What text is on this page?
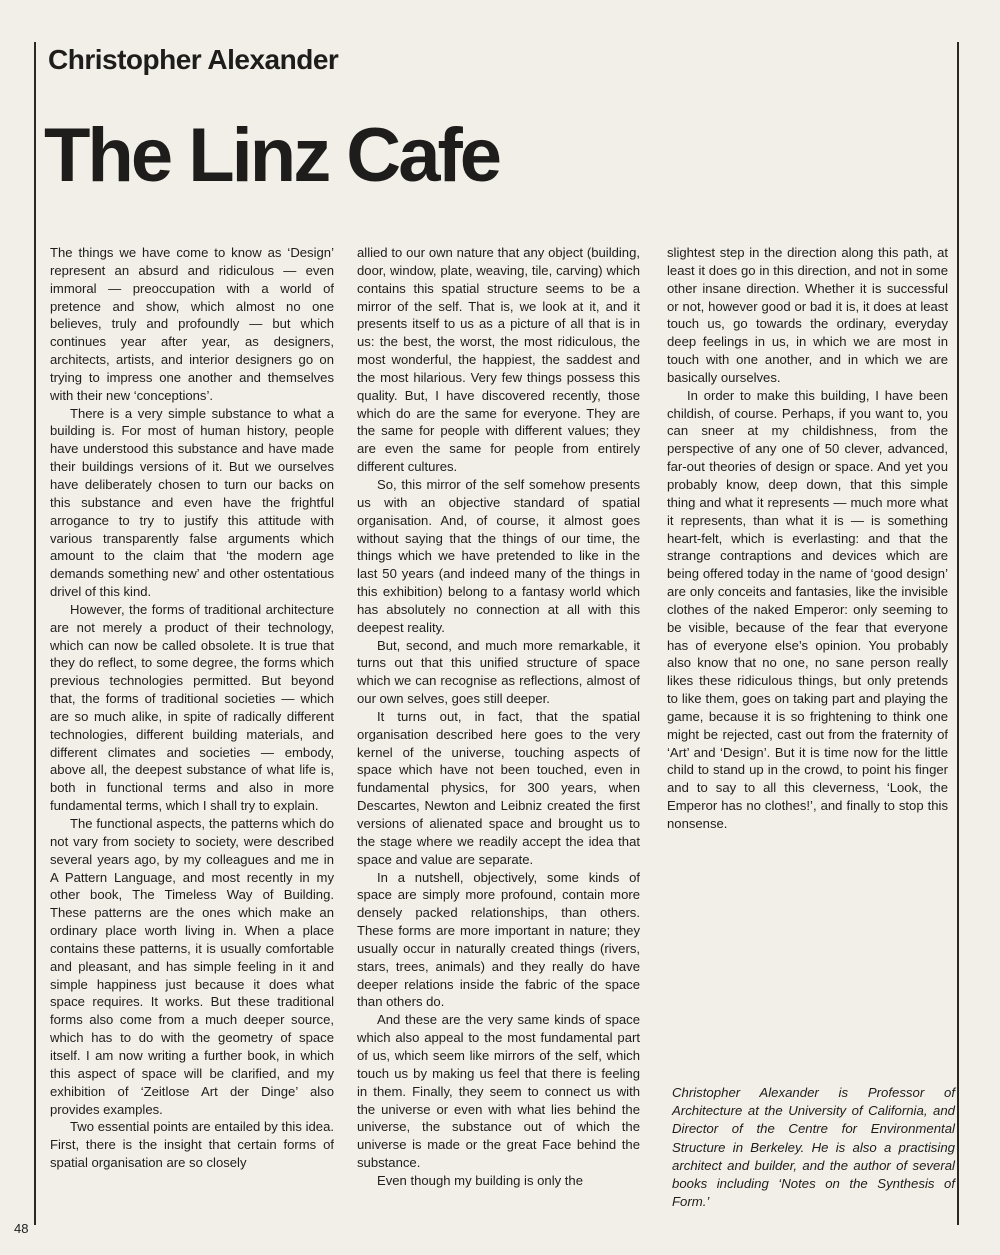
Christopher Alexander
The Linz Cafe

The things we have come to know as ‘Design’ represent an absurd and ridiculous — even immoral — preoccupation with a world of pretence and show, which almost no one believes, truly and profoundly — but which continues year after year, as designers, architects, artists, and interior designers go on trying to impress one another and themselves with their new ‘conceptions’.

There is a very simple substance to what a building is. For most of human history, people have understood this substance and have made their buildings versions of it. But we ourselves have deliberately chosen to turn our backs on this substance and even have the frightful arrogance to try to justify this attitude with various transparently false arguments which amount to the claim that ‘the modern age demands something new’ and other ostentatious drivel of this kind.

However, the forms of traditional architecture are not merely a product of their technology, which can now be called obsolete. It is true that they do reflect, to some degree, the forms which previous technologies permitted. But beyond that, the forms of traditional societies — which are so much alike, in spite of radically different technologies, different building materials, and different climates and societies — embody, above all, the deepest substance of what life is, both in functional terms and also in more fundamental terms, which I shall try to explain.

The functional aspects, the patterns which do not vary from society to society, were described several years ago, by my colleagues and me in A Pattern Language, and most recently in my other book, The Timeless Way of Building. These patterns are the ones which make an ordinary place worth living in. When a place contains these patterns, it is usually comfortable and pleasant, and has simple feeling in it and simple happiness just because it does what space requires. It works. But these traditional forms also come from a much deeper source, which has to do with the geometry of space itself. I am now writing a further book, in which this aspect of space will be clarified, and my exhibition of ‘Zeitlose Art der Dinge’ also provides examples.

Two essential points are entailed by this idea. First, there is the insight that certain forms of spatial organisation are so closely

allied to our own nature that any object (building, door, window, plate, weaving, tile, carving) which contains this spatial structure seems to be a mirror of the self. That is, we look at it, and it presents itself to us as a picture of all that is in us: the best, the worst, the most ridiculous, the most wonderful, the happiest, the saddest and the most hilarious. Very few things possess this quality. But, I have discovered recently, those which do are the same for everyone. They are the same for people with different values; they are even the same for people from entirely different cultures.

So, this mirror of the self somehow presents us with an objective standard of spatial organisation. And, of course, it almost goes without saying that the things of our time, the things which we have pretended to like in the last 50 years (and indeed many of the things in this exhibition) belong to a fantasy world which has absolutely no connection at all with this deepest reality.

But, second, and much more remarkable, it turns out that this unified structure of space which we can recognise as reflections, almost of our own selves, goes still deeper.

It turns out, in fact, that the spatial organisation described here goes to the very kernel of the universe, touching aspects of space which have not been touched, even in fundamental physics, for 300 years, when Descartes, Newton and Leibniz created the first versions of alienated space and brought us to the stage where we readily accept the idea that space and value are separate.

In a nutshell, objectively, some kinds of space are simply more profound, contain more densely packed relationships, than others. These forms are more important in nature; they usually occur in naturally created things (rivers, stars, trees, animals) and they really do have deeper relations inside the fabric of the space than others do.

And these are the very same kinds of space which also appeal to the most fundamental part of us, which seem like mirrors of the self, which touch us by making us feel that there is feeling in them. Finally, they seem to connect us with the universe or even with what lies behind the universe, the substance out of which the universe is made or the great Face behind the substance.

Even though my building is only the

slightest step in the direction along this path, at least it does go in this direction, and not in some other insane direction. Whether it is successful or not, however good or bad it is, it does at least touch us, go towards the ordinary, everyday deep feelings in us, in which we are most in touch with one another, and in which we are basically ourselves.

In order to make this building, I have been childish, of course. Perhaps, if you want to, you can sneer at my childishness, from the perspective of any one of 50 clever, advanced, far-out theories of design or space. And yet you probably know, deep down, that this simple thing and what it represents — much more what it represents, than what it is — is something heart-felt, which is everlasting: and that the strange contraptions and devices which are being offered today in the name of ‘good design’ are only conceits and fantasies, like the invisible clothes of the naked Emperor: only seeming to be visible, because of the fear that everyone has of everyone else’s opinion. You probably also know that no one, no sane person really likes these ridiculous things, but only pretends to like them, goes on taking part and playing the game, because it is so frightening to think one might be rejected, cast out from the fraternity of ‘Art’ and ‘Design’. But it is time now for the little child to stand up in the crowd, to point his finger and to say to all this cleverness, ‘Look, the Emperor has no clothes!’, and finally to stop this nonsense.

Christopher Alexander is Professor of Architecture at the University of California, and Director of the Centre for Environmental Structure in Berkeley. He is also a practising architect and builder, and the author of several books including ‘Notes on the Synthesis of Form.’

48
